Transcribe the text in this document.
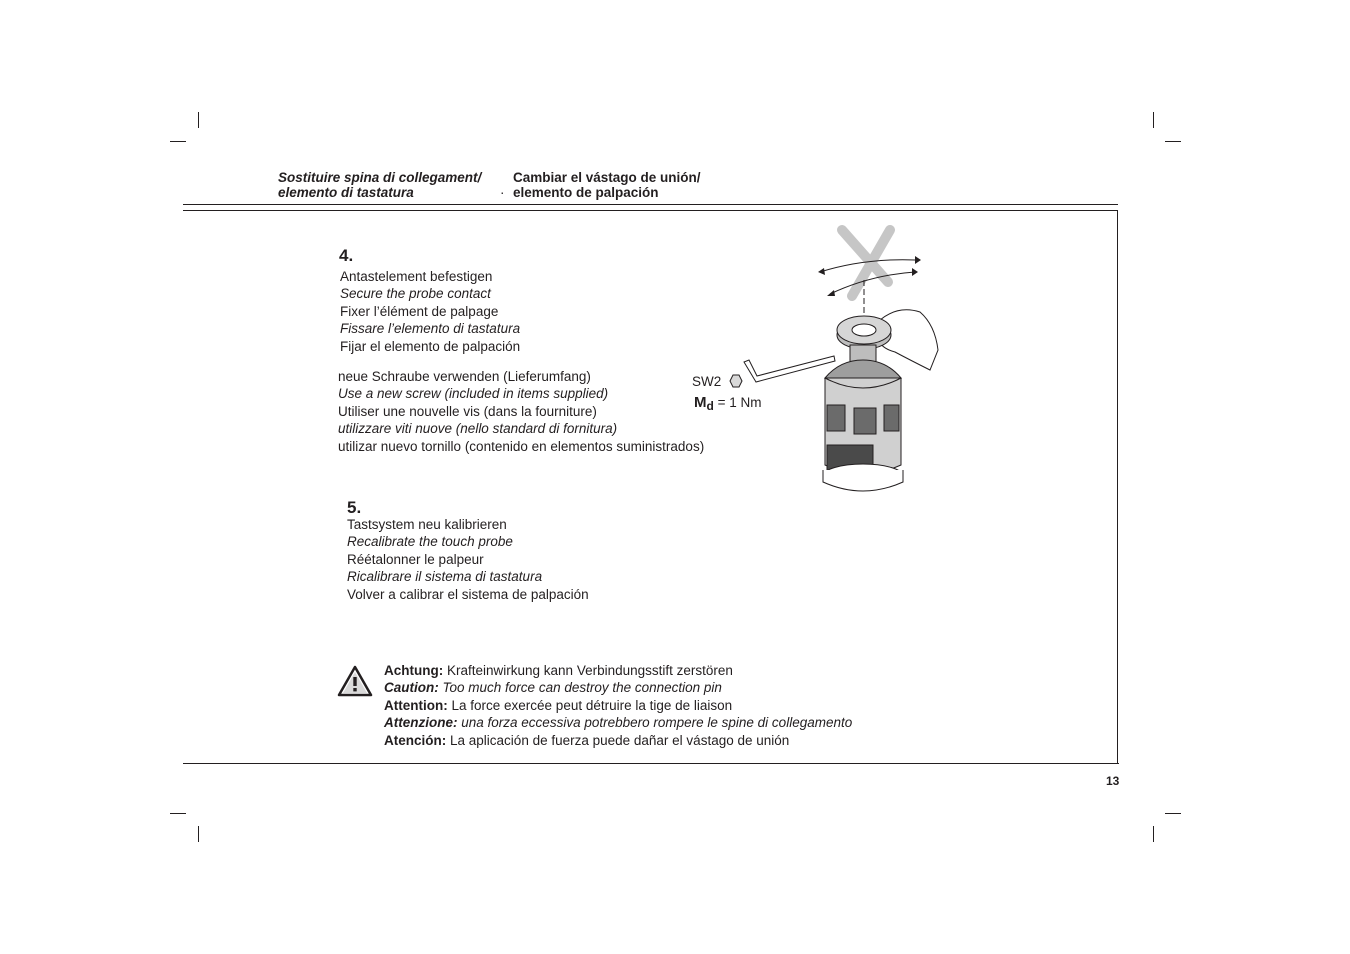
Sostituire spina di collegament/
elemento di tastatura	·
Cambiar el vástago de unión/
elemento de palpación
4.
Antastelement befestigen
Secure the probe contact
Fixer l’élément de palpage
Fissare l’elemento di tastatura
Fijar el elemento de palpación
neue Schraube verwenden (Lieferumfang)
Use a new screw (included in items supplied)
Utiliser une nouvelle vis (dans la fourniture)
utilizzare viti nuove (nello standard di fornitura)
utilizar nuevo tornillo (contenido en elementos suministrados)
SW2
Md = 1 Nm
5.
Tastsystem neu kalibrieren
Recalibrate the touch probe
Réétalonner le palpeur
Ricalibrare il sistema di tastatura
Volver a calibrar el sistema de palpación
Achtung: Krafteinwirkung kann Verbindungsstift zerstören
Caution: Too much force can destroy the connection pin
Attention: La force exercée peut détruire la tige de liaison
Attenzione: una forza eccessiva potrebbero rompere le spine di collegamento
Atención: La aplicación de fuerza puede dañar el vástago de unión
13
